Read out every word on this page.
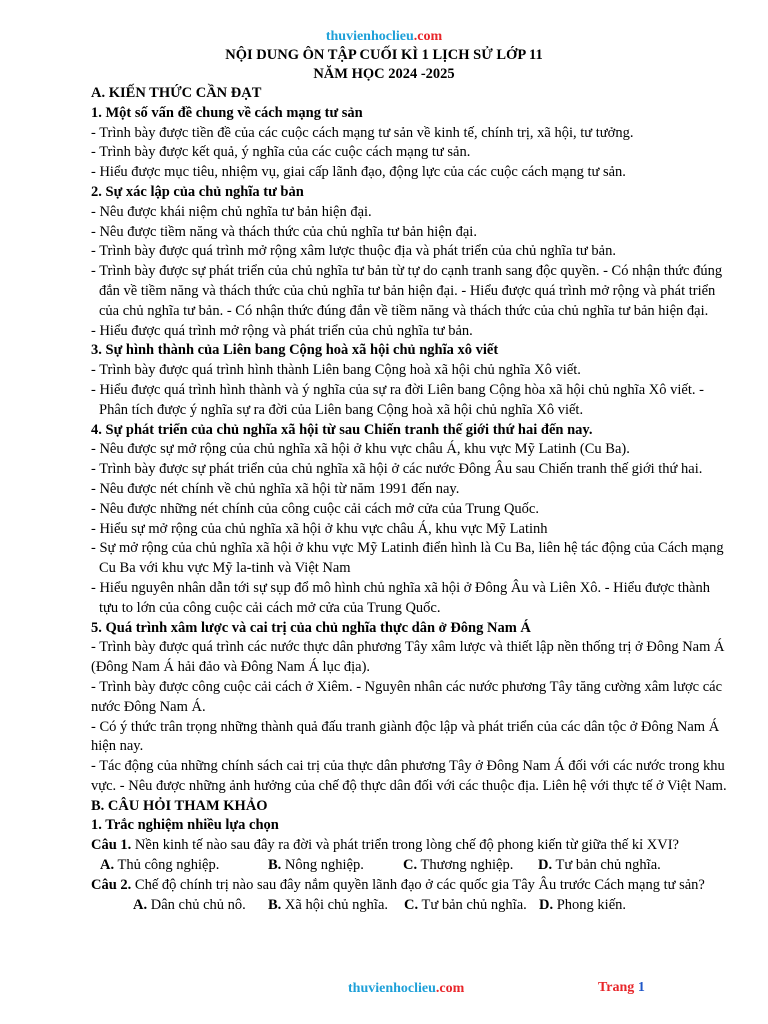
thuvienhoclieu.com
NỘI DUNG ÔN TẬP CUỐI KÌ 1 LỊCH SỬ LỚP 11
NĂM HỌC 2024 -2025
A. KIẾN THỨC CẦN ĐẠT
1. Một số vấn đề chung về cách mạng tư sản

- Trình bày được tiền đề của các cuộc cách mạng tư sản về kinh tế, chính trị, xã hội, tư tưởng.

- Trình bày được kết quả, ý nghĩa của các cuộc cách mạng tư sản.

- Hiểu được mục tiêu, nhiệm vụ, giai cấp lãnh đạo, động lực của các cuộc cách mạng tư sản.

2. Sự xác lập của chủ nghĩa tư bản

- Nêu được khái niệm chủ nghĩa tư bản hiện đại.

- Nêu được tiềm năng và thách thức của chủ nghĩa tư bản hiện đại.

- Trình bày được quá trình mở rộng xâm lược thuộc địa và phát triển của chủ nghĩa tư bản.

- Trình bày được sự phát triển của chủ nghĩa tư bản từ tự do cạnh tranh sang độc quyền. - Có nhận thức đúng đắn về tiềm năng và thách thức của chủ nghĩa tư bản hiện đại. - Hiểu được quá trình mở rộng và phát triển của chủ nghĩa tư bản. - Có nhận thức đúng đắn về tiềm năng và thách thức của chủ nghĩa tư bản hiện đại.

- Hiểu được quá trình mở rộng và phát triển của chủ nghĩa tư bản.

3. Sự hình thành của Liên bang Cộng hoà xã hội chủ nghĩa xô viết

- Trình bày được quá trình hình thành Liên bang Cộng hoà xã hội chủ nghĩa Xô viết.

- Hiểu được quá trình hình thành và ý nghĩa của sự ra đời Liên bang Cộng hòa xã hội chủ nghĩa Xô viết. - Phân tích được ý nghĩa sự ra đời của Liên bang Cộng hoà xã hội chủ nghĩa Xô viết.

4. Sự phát triển của chủ nghĩa xã hội từ sau Chiến tranh thế giới thứ hai đến nay.

- Nêu được sự mở rộng của chủ nghĩa xã hội ở khu vực châu Á, khu vực Mỹ Latinh (Cu Ba).

- Trình bày được sự phát triển của chủ nghĩa xã hội ở các nước Đông Âu sau Chiến tranh thế giới thứ hai.

- Nêu được nét chính về chủ nghĩa xã hội từ năm 1991 đến nay.

- Nêu được những nét chính của công cuộc cải cách mở cửa của Trung Quốc.

- Hiểu sự mở rộng của chủ nghĩa xã hội ở khu vực châu Á, khu vực Mỹ Latinh

- Sự mở rộng của chủ nghĩa xã hội ở khu vực Mỹ Latinh điển hình là Cu Ba, liên hệ tác động của Cách mạng Cu Ba với khu vực Mỹ la-tinh và Việt Nam

- Hiểu nguyên nhân dẫn tới sự sụp đổ mô hình chủ nghĩa xã hội ở Đông Âu và Liên Xô. - Hiểu được thành tựu to lớn của công cuộc cải cách mở cửa của Trung Quốc.

5. Quá trình xâm lược và cai trị của chủ nghĩa thực dân ở Đông Nam Á

- Trình bày được quá trình các nước thực dân phương Tây xâm lược và thiết lập nền thống trị ở Đông Nam Á (Đông Nam Á hải đảo và Đông Nam Á lục địa).

- Trình bày được công cuộc cải cách ở Xiêm. - Nguyên nhân các nước phương Tây tăng cường xâm lược các nước Đông Nam Á.

- Có ý thức trân trọng những thành quả đấu tranh giành độc lập và phát triển của các dân tộc ở Đông Nam Á hiện nay.

- Tác động của những chính sách cai trị của thực dân phương Tây ở Đông Nam Á đối với các nước trong khu vực. - Nêu được những ảnh hưởng của chế độ thực dân đối với các thuộc địa. Liên hệ với thực tế ở Việt Nam.

B. CÂU HỎI THAM KHẢO
1. Trắc nghiệm nhiều lựa chọn

Câu 1. Nền kinh tế nào sau đây ra đời và phát triển trong lòng chế độ phong kiến từ giữa thế kỉ XVI?

A. Thủ công nghiệp.	B. Nông nghiệp.	C. Thương nghiệp.	D. Tư bản chủ nghĩa.

Câu 2. Chế độ chính trị nào sau đây nắm quyền lãnh đạo ở các quốc gia Tây Âu trước Cách mạng tư sản?

A. Dân chủ chủ nô.	B. Xã hội chủ nghĩa.	C. Tư bản chủ nghĩa. D. Phong kiến.
thuvienhoclieu.com	Trang 1
